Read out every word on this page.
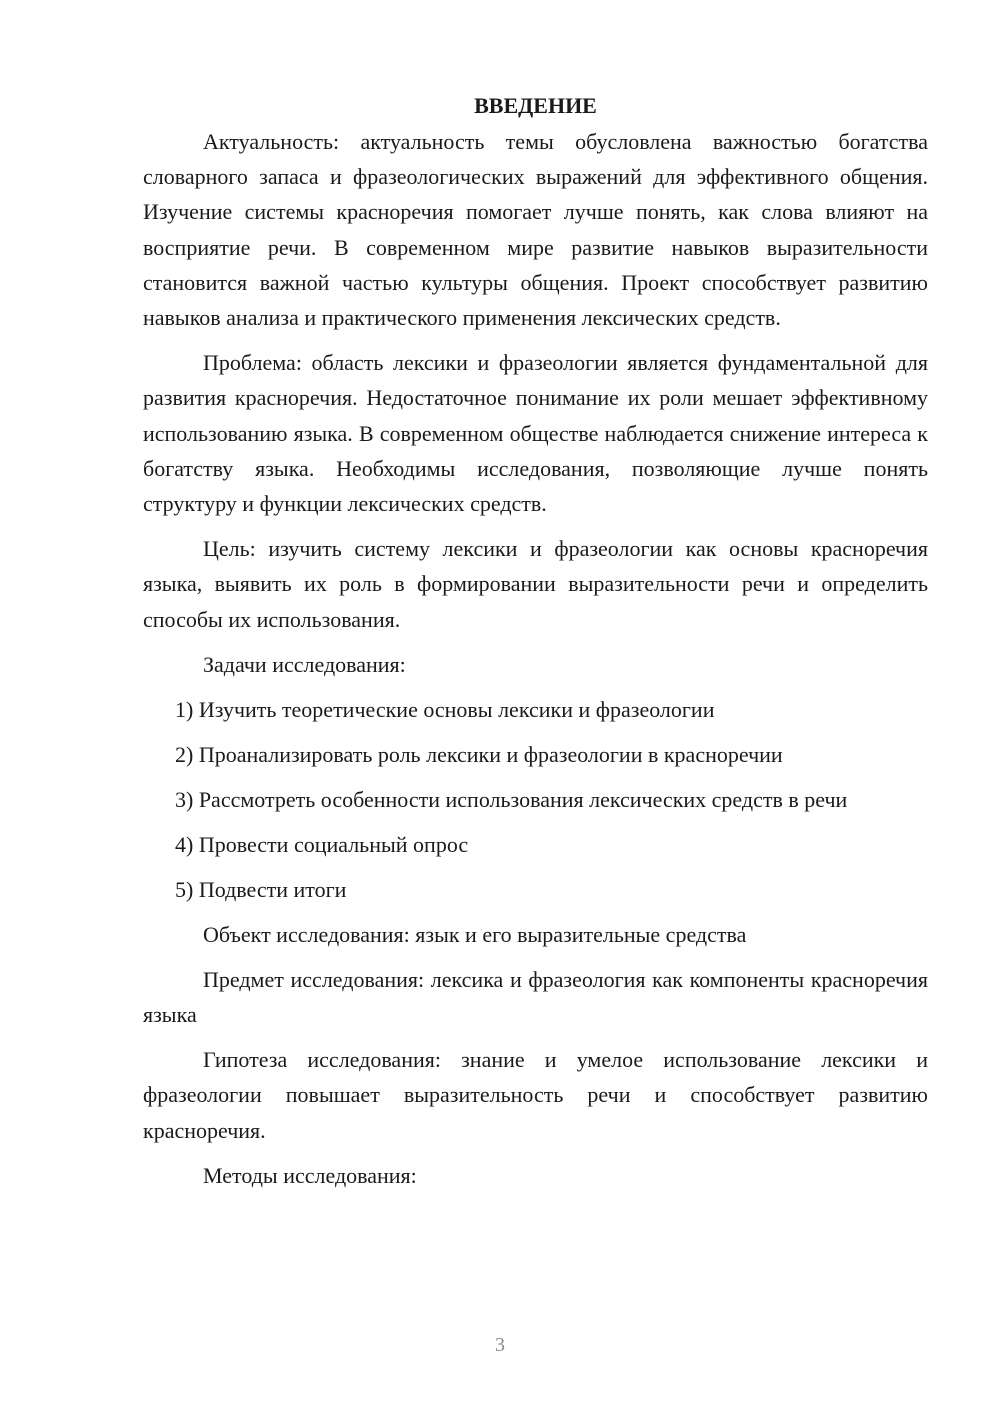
ВВЕДЕНИЕ

Актуальность: актуальность темы обусловлена важностью богатства словарного запаса и фразеологических выражений для эффективного общения. Изучение системы красноречия помогает лучше понять, как слова влияют на восприятие речи. В современном мире развитие навыков выразительности становится важной частью культуры общения. Проект способствует развитию навыков анализа и практического применения лексических средств.

Проблема: область лексики и фразеологии является фундаментальной для развития красноречия. Недостаточное понимание их роли мешает эффективному использованию языка. В современном обществе наблюдается снижение интереса к богатству языка. Необходимы исследования, позволяющие лучше понять структуру и функции лексических средств.

Цель: изучить систему лексики и фразеологии как основы красноречия языка, выявить их роль в формировании выразительности речи и определить способы их использования.

Задачи исследования:
1) Изучить теоретические основы лексики и фразеологии
2) Проанализировать роль лексики и фразеологии в красноречии
3) Рассмотреть особенности использования лексических средств в речи
4) Провести социальный опрос
5) Подвести итоги
Объект исследования: язык и его выразительные средства

Предмет исследования: лексика и фразеология как компоненты красноречия языка

Гипотеза исследования: знание и умелое использование лексики и фразеологии повышает выразительность речи и способствует развитию красноречия.

Методы исследования:
3
